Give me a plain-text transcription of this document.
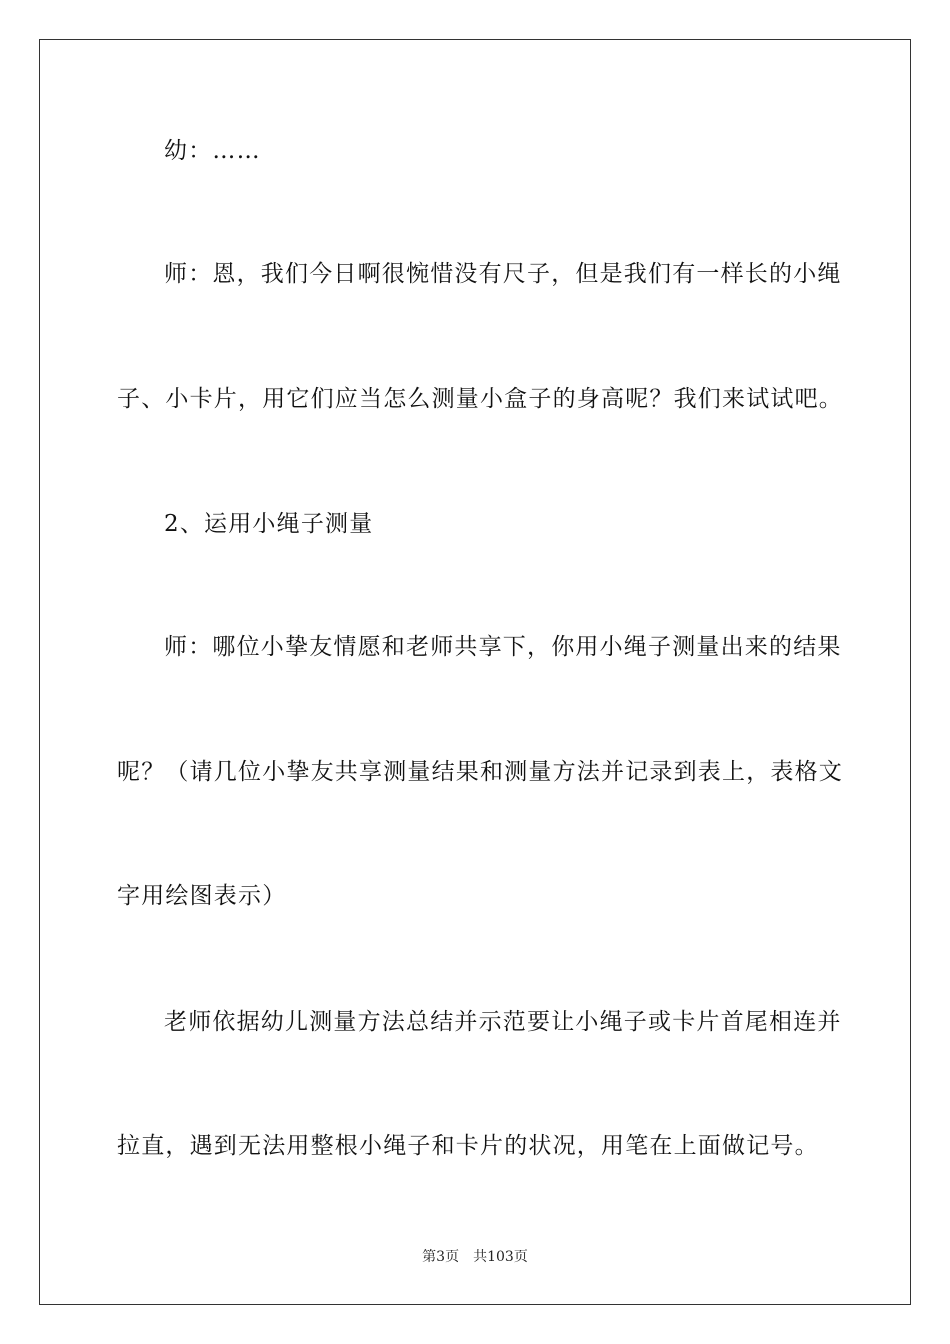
幼：……
师：恩，我们今日啊很惋惜没有尺子，但是我们有一样长的小绳
子、小卡片，用它们应当怎么测量小盒子的身高呢？我们来试试吧。
2、运用小绳子测量
师：哪位小挚友情愿和老师共享下，你用小绳子测量出来的结果
呢？（请几位小挚友共享测量结果和测量方法并记录到表上，表格文
字用绘图表示）
老师依据幼儿测量方法总结并示范要让小绳子或卡片首尾相连并
拉直，遇到无法用整根小绳子和卡片的状况，用笔在上面做记号。
第3页 共103页
